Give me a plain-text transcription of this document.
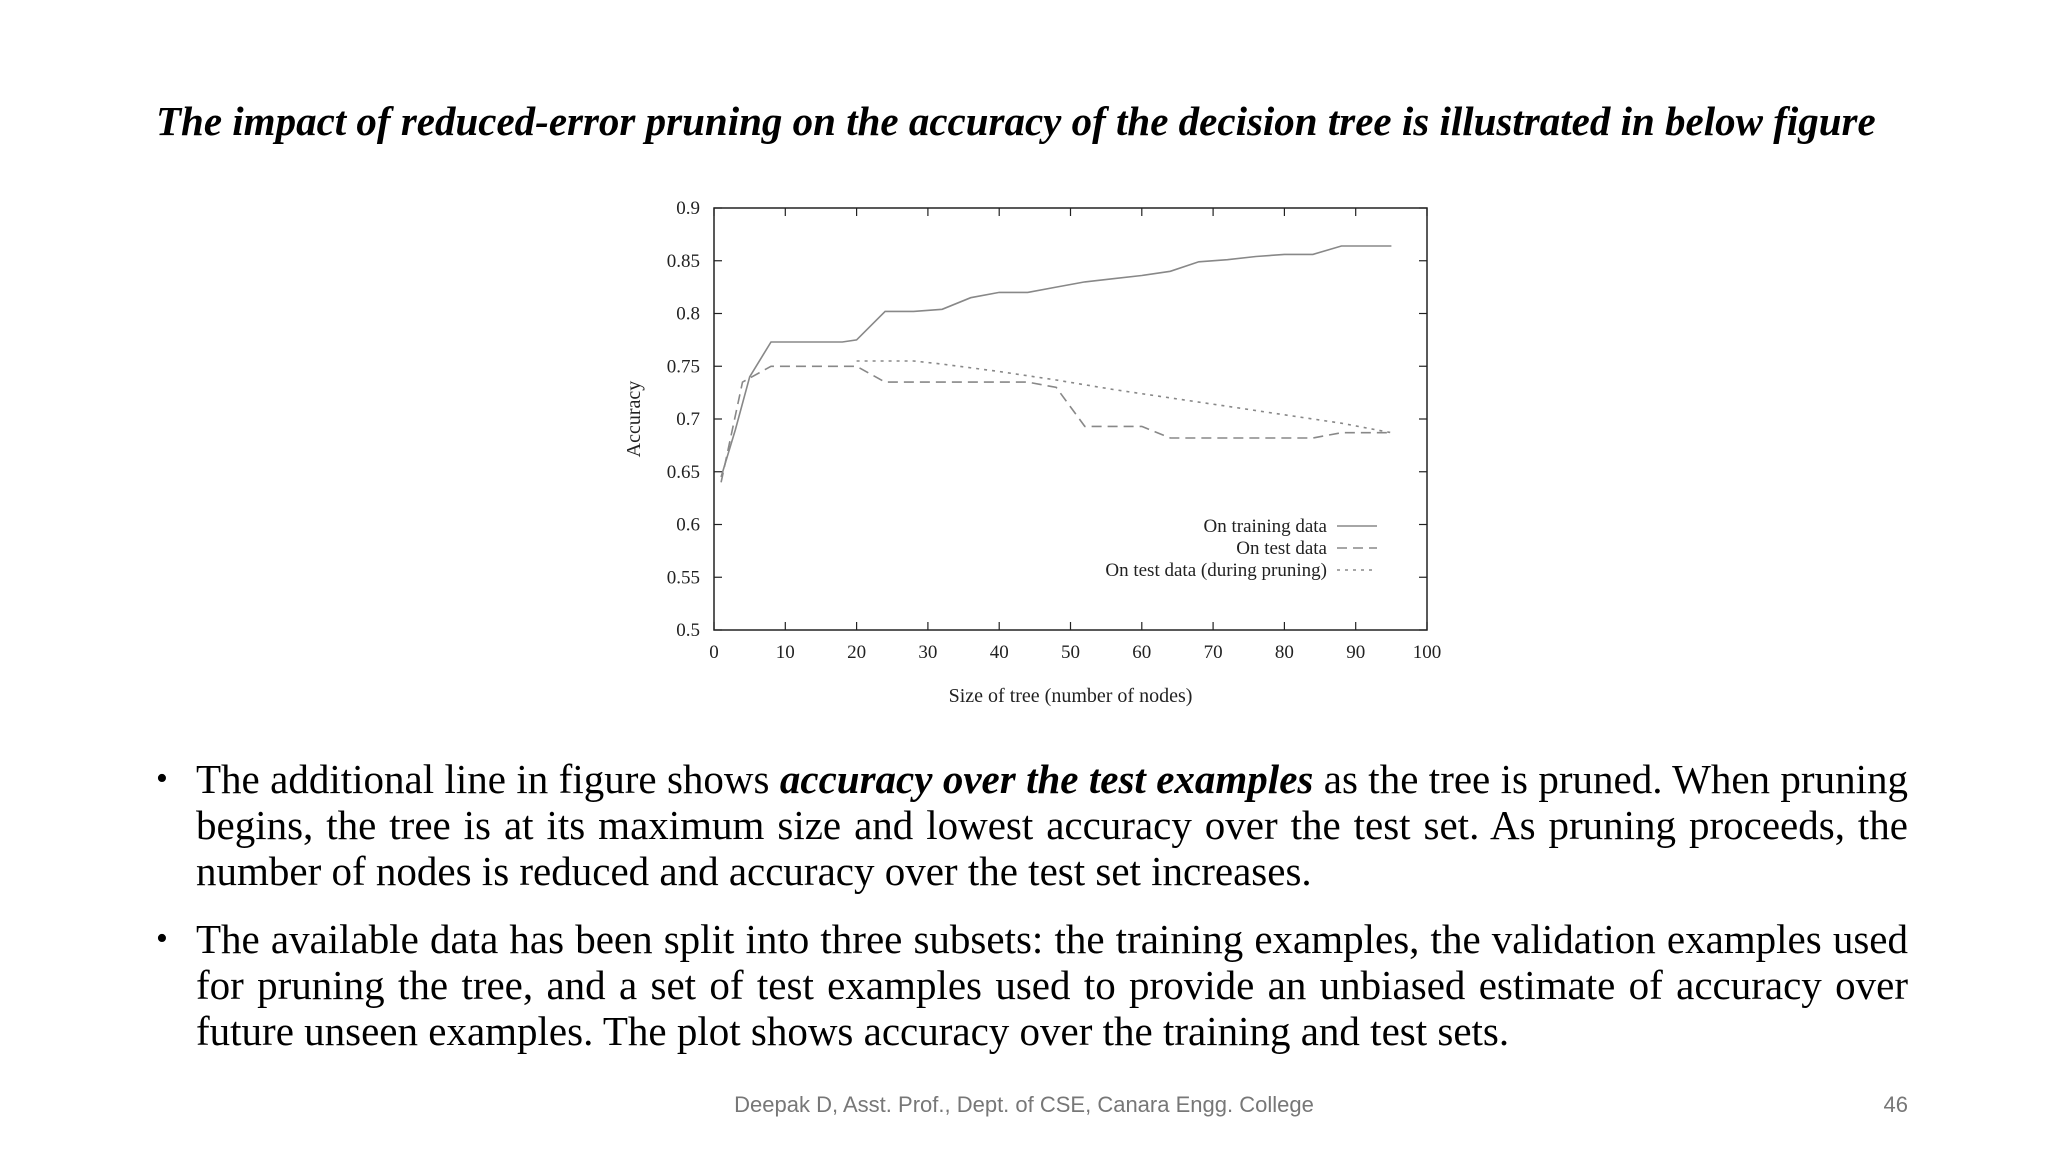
The impact of reduced-error pruning on the accuracy of the decision tree is illustrated in below figure

0	10	20	30	40	50	60	70	80	90	100
0.5
0.55
0.6
0.65
0.7
0.75
0.8
0.85
0.9
On training data
On test data
On test data (during pruning)
Size of tree (number of nodes)
Accuracy
• The additional line in figure shows accuracy over the test examples as the tree is pruned. When pruning begins, the tree is at its maximum size and lowest accuracy over the test set. As pruning proceeds, the number of nodes is reduced and accuracy over the test set increases.
• The available data has been split into three subsets: the training examples, the validation examples used for pruning the tree, and a set of test examples used to provide an unbiased estimate of accuracy over future unseen examples. The plot shows accuracy over the training and test sets.
Deepak D, Asst. Prof., Dept. of CSE, Canara Engg. College	46
